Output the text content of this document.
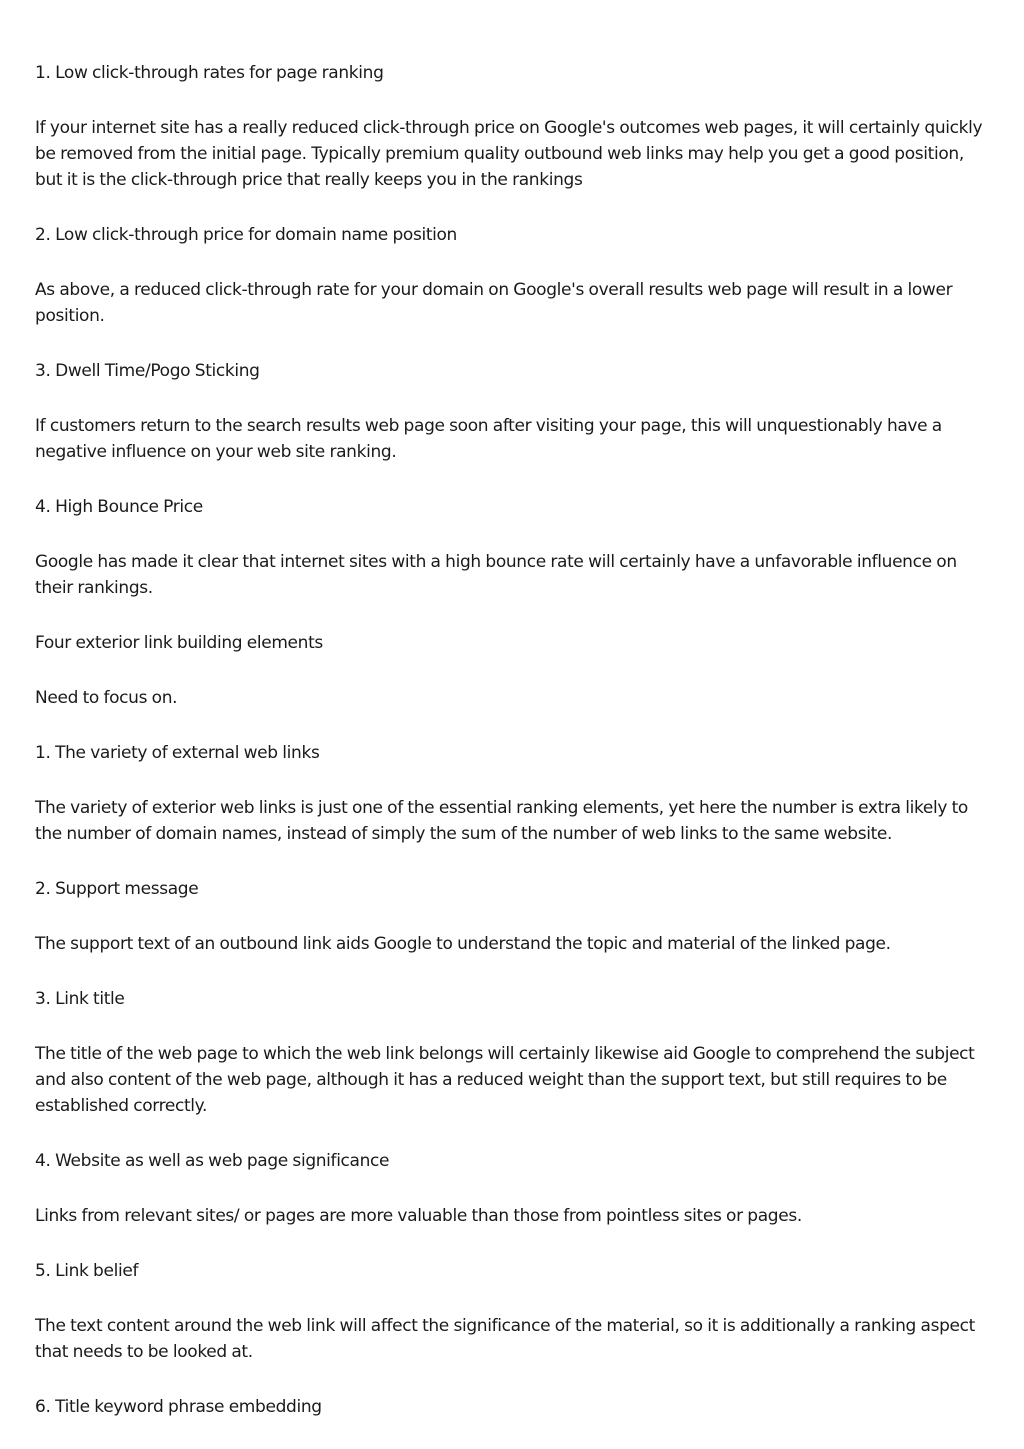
1. Low click-through rates for page ranking

If your internet site has a really reduced click-through price on Google's outcomes web pages, it will certainly quickly be removed from the initial page. Typically premium quality outbound web links may help you get a good position, but it is the click-through price that really keeps you in the rankings

2. Low click-through price for domain name position

As above, a reduced click-through rate for your domain on Google's overall results web page will result in a lower position.

3. Dwell Time/Pogo Sticking

If customers return to the search results web page soon after visiting your page, this will unquestionably have a negative influence on your web site ranking.

4. High Bounce Price

Google has made it clear that internet sites with a high bounce rate will certainly have a unfavorable influence on their rankings.

Four exterior link building elements

Need to focus on.

1. The variety of external web links

The variety of exterior web links is just one of the essential ranking elements, yet here the number is extra likely to the number of domain names, instead of simply the sum of the number of web links to the same website.

2. Support message

The support text of an outbound link aids Google to understand the topic and material of the linked page.

3. Link title

The title of the web page to which the web link belongs will certainly likewise aid Google to comprehend the subject and also content of the web page, although it has a reduced weight than the support text, but still requires to be established correctly.

4. Website as well as web page significance

Links from relevant sites/ or pages are more valuable than those from pointless sites or pages.

5. Link belief

The text content around the web link will affect the significance of the material, so it is additionally a ranking aspect that needs to be looked at.

6. Title keyword phrase embedding
